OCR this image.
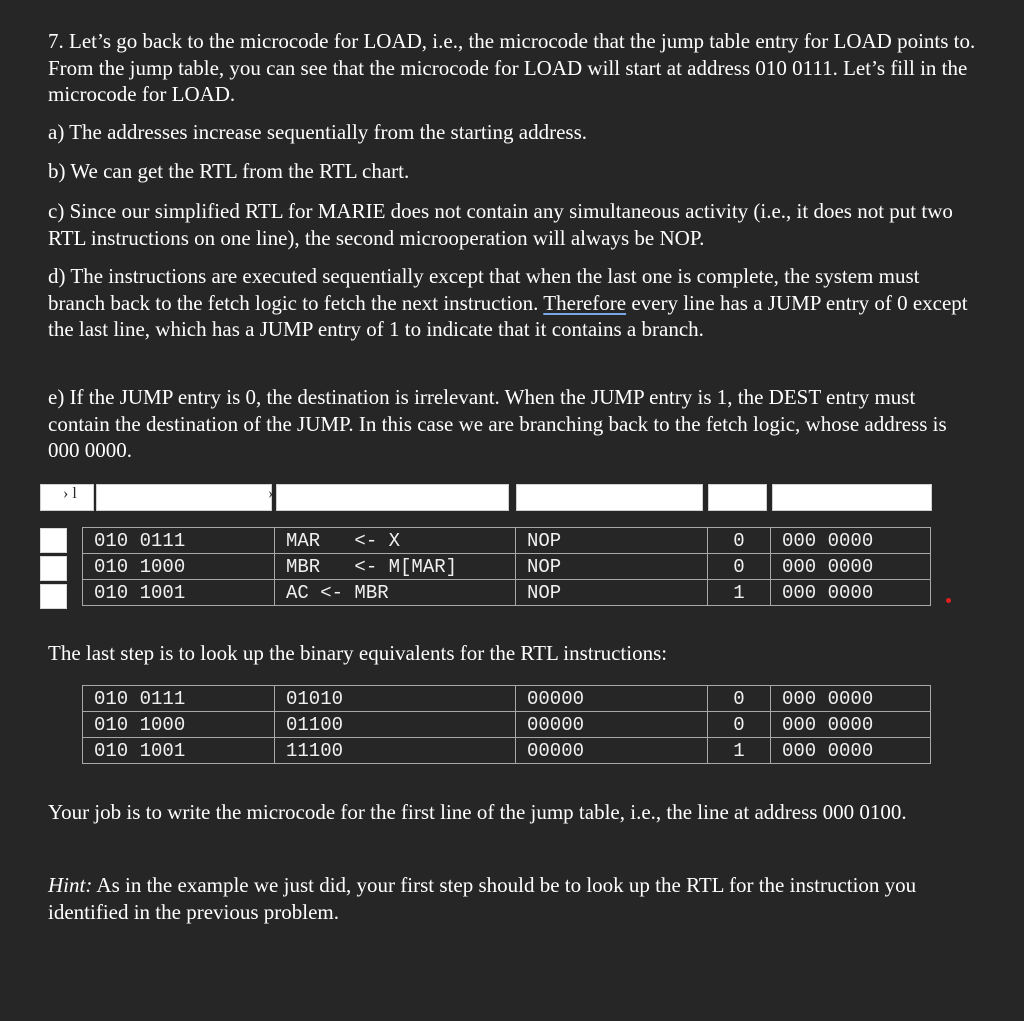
7. Let’s go back to the microcode for LOAD, i.e., the microcode that the jump table entry for LOAD points to. From the jump table, you can see that the microcode for LOAD will start at address 010 0111. Let’s fill in the microcode for LOAD.

a) The addresses increase sequentially from the starting address.

b) We can get the RTL from the RTL chart.

c) Since our simplified RTL for MARIE does not contain any simultaneous activity (i.e., it does not put two RTL instructions on one line), the second microoperation will always be NOP.

d) The instructions are executed sequentially except that when the last one is complete, the system must branch back to the fetch logic to fetch the next instruction. Therefore every line has a JUMP entry of 0 except the last line, which has a JUMP entry of 1 to indicate that it contains a branch.

e) If the JUMP entry is 0, the destination is irrelevant. When the JUMP entry is 1, the DEST entry must contain the destination of the JUMP. In this case we are branching back to the fetch logic, whose address is 000 0000.

› l	›	)
010 0111	MAR   <- X	NOP	0	000 0000
010 1000	MBR   <- M[MAR]	NOP	0	000 0000
010 1001	AC <- MBR	NOP	1	000 0000

The last step is to look up the binary equivalents for the RTL instructions:

010 0111	01010	00000	0	000 0000
010 1000	01100	00000	0	000 0000
010 1001	11100	00000	1	000 0000

Your job is to write the microcode for the first line of the jump table, i.e., the line at address 000 0100.

Hint: As in the example we just did, your first step should be to look up the RTL for the instruction you identified in the previous problem.
